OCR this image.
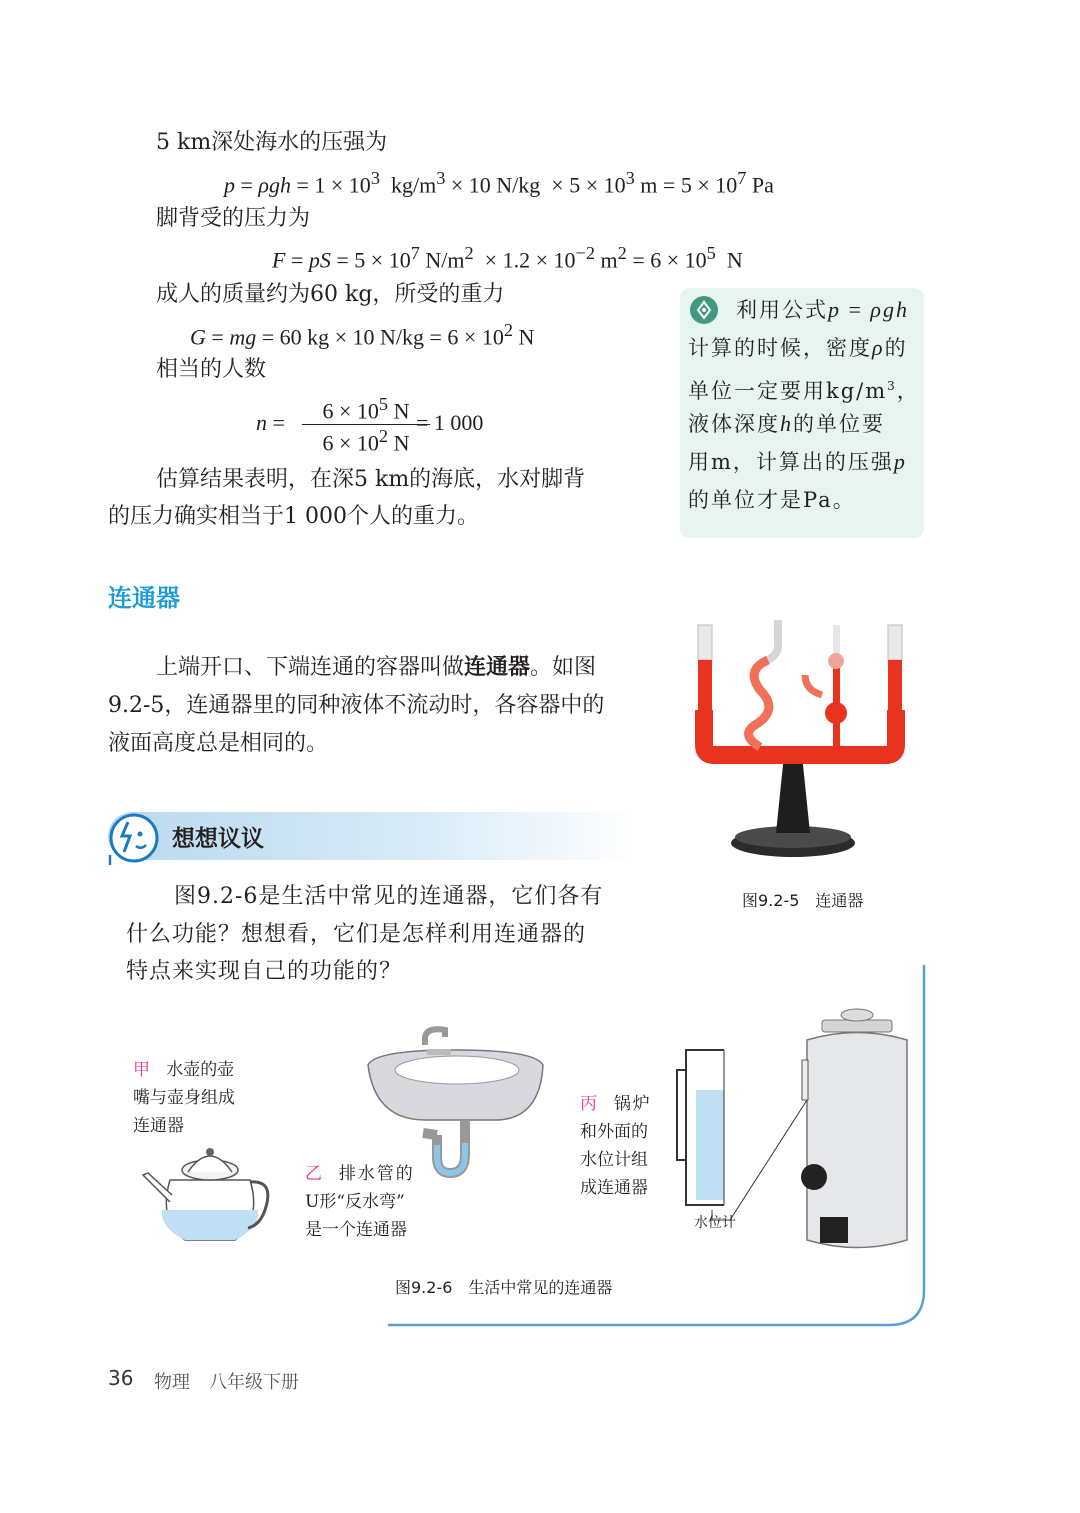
5 km深处海水的压强为
$p = \rho gh = 1 \times 10^3$  $kg/m^3 \times 10$ $N/kg \times 5 \times 10^3$ $m = 5 \times 10^7$ Pa
脚背受的压力为
F = pS = $5 \times 10^7$ $N/m^2 \times 1.2 \times 10^{-2}$ $m^2 = 6 \times 10^5$  N
成人的质量约为60 kg，所受的重力
G = mg = 60 kg × 10 $N/kg = 6 \times 10^2$ N
相当的人数
n =	$6 \times 10^5$ N
$6 \times 10^2$ N
= 1 000
估算结果表明，在深5 km的海底，水对脚背
的压力确实相当于1 000个人的重力。
利用公式p = ρgh
计算的时候，密度ρ的
单位一定要用$kg/m^3$，
液体深度h的单位要
用m，计算出的压强p
的单位才是Pa。
连通器
上端开口、下端连通的容器叫做连通器。如图
9.2-5，连通器里的同种液体不流动时，各容器中的
液面高度总是相同的。
图9.2-5　连通器
想想议议
图9.2-6是生活中常见的连通器，它们各有
什么功能？想想看，它们是怎样利用连通器的
特点来实现自己的功能的？
甲 水壶的壶
嘴与壶身组成
连通器
乙 排水管的
U形“反水弯”
是一个连通器
丙 锅炉
和外面的
水位计组
成连通器
水位计
图9.2-6　生活中常见的连通器
36 物理 八年级下册
